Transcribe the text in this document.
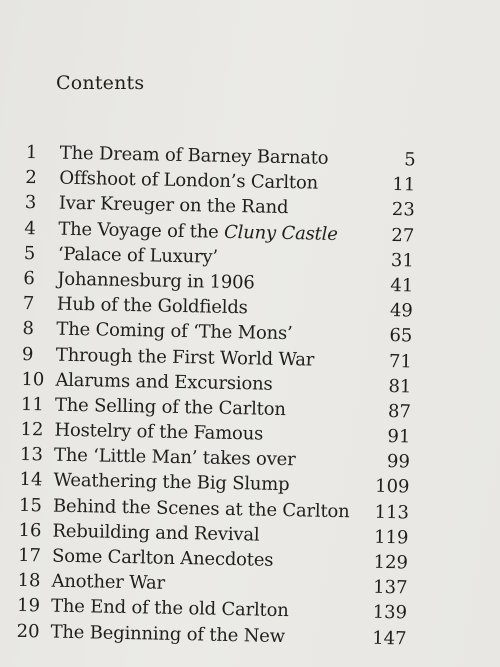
Contents
1	The Dream of Barney Barnato	5
2	Offshoot of London’s Carlton	11
3	Ivar Kreuger on the Rand	23
4	The Voyage of the Cluny Castle	27
5	‘Palace of Luxury’	31
6	Johannesburg in 1906	41
7	Hub of the Goldfields	49
8	The Coming of ‘The Mons’	65
9	Through the First World War	71
10 Alarums and Excursions	81
11 The Selling of the Carlton	87
12 Hostelry of the Famous	91
13 The ‘Little Man’ takes over	99
14 Weathering the Big Slump	109
15 Behind the Scenes at the Carlton	113
16 Rebuilding and Revival	119
17 Some Carlton Anecdotes	129
18 Another War	137
19 The End of the old Carlton	139
20 The Beginning of the New	147
